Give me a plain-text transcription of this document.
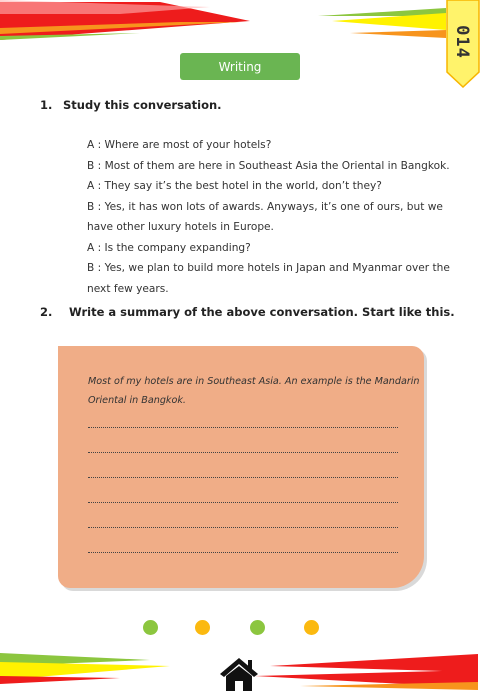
014
Writing
1. Study this conversation.
A : Where are most of your hotels?
B : Most of them are here in Southeast Asia the Oriental in Bangkok.
A : They say it’s the best hotel in the world, don’t they?
B : Yes, it has won lots of awards. Anyways, it’s one of ours, but we
have other luxury hotels in Europe.
A : Is the company expanding?
B : Yes, we plan to build more hotels in Japan and Myanmar over the
next few years.
2. Write a summary of the above conversation. Start like this.
Most of my hotels are in Southeast Asia. An example is the Mandarin
Oriental in Bangkok.
